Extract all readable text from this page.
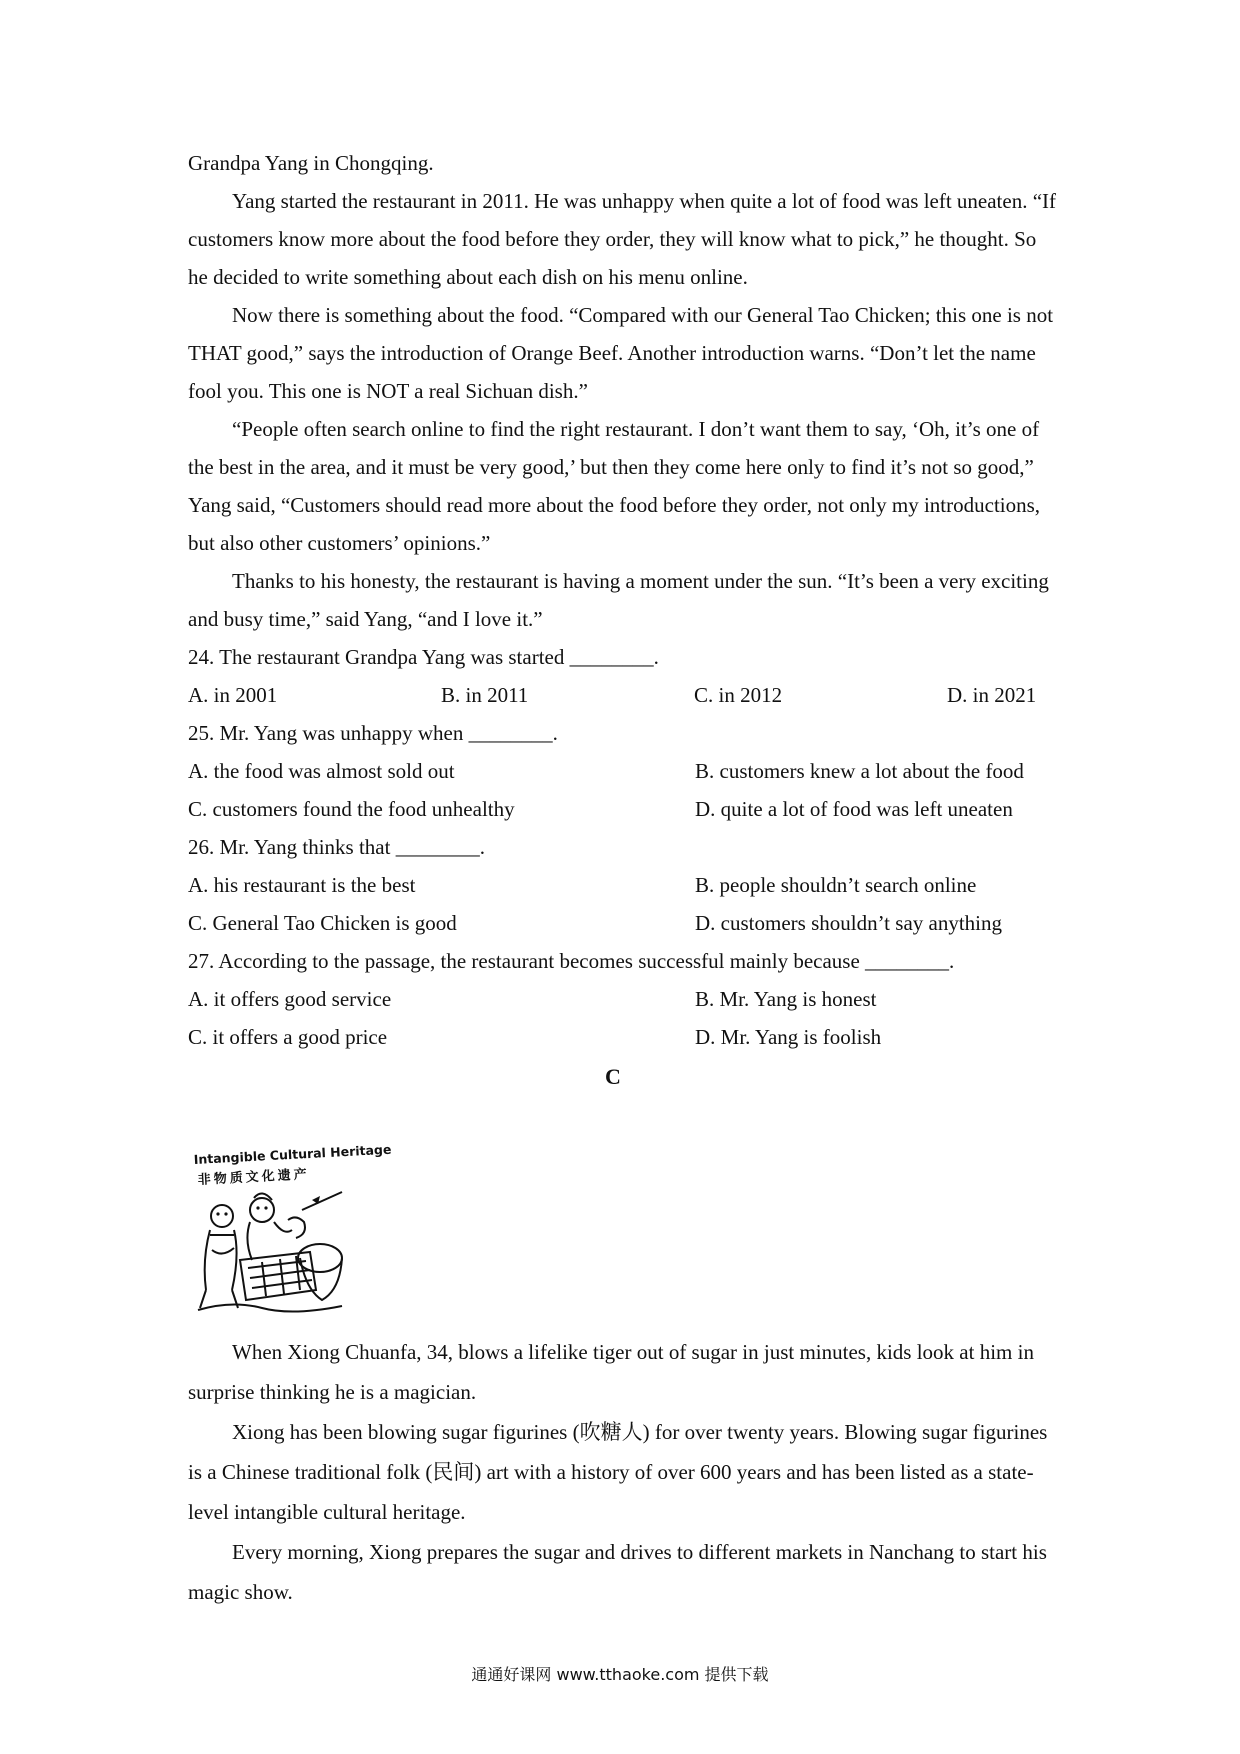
Grandpa Yang in Chongqing.

Yang started the restaurant in 2011. He was unhappy when quite a lot of food was left uneaten. “If customers know more about the food before they order, they will know what to pick,” he thought. So he decided to write something about each dish on his menu online.

Now there is something about the food. “Compared with our General Tao Chicken; this one is not THAT good,” says the introduction of Orange Beef. Another introduction warns. “Don’t let the name fool you. This one is NOT a real Sichuan dish.”

“People often search online to find the right restaurant. I don’t want them to say, ‘Oh, it’s one of the best in the area, and it must be very good,’ but then they come here only to find it’s not so good,” Yang said, “Customers should read more about the food before they order, not only my introductions, but also other customers’ opinions.”

Thanks to his honesty, the restaurant is having a moment under the sun. “It’s been a very exciting and busy time,” said Yang, “and I love it.”

24. The restaurant Grandpa Yang was started ________.

A. in 2001	B. in 2011	C. in 2012	D. in 2021

25. Mr. Yang was unhappy when ________.

A. the food was almost sold out	B. customers knew a lot about the food
C. customers found the food unhealthy	D. quite a lot of food was left uneaten

26. Mr. Yang thinks that ________.

A. his restaurant is the best	B. people shouldn’t search online
C. General Tao Chicken is good	D. customers shouldn’t say anything

27. According to the passage, the restaurant becomes successful mainly because ________.

A. it offers good service	B. Mr. Yang is honest
C. it offers a good price	D. Mr. Yang is foolish
C
Intangible Cultural Heritage
非物质文化遗产

When Xiong Chuanfa, 34, blows a lifelike tiger out of sugar in just minutes, kids look at him in surprise thinking he is a magician.

Xiong has been blowing sugar figurines (吹糖人) for over twenty years. Blowing sugar figurines is a Chinese traditional folk (民间) art with a history of over 600 years and has been listed as a state-level intangible cultural heritage.

Every morning, Xiong prepares the sugar and drives to different markets in Nanchang to start his magic show.

通通好课网 www.tthaoke.com 提供下载
